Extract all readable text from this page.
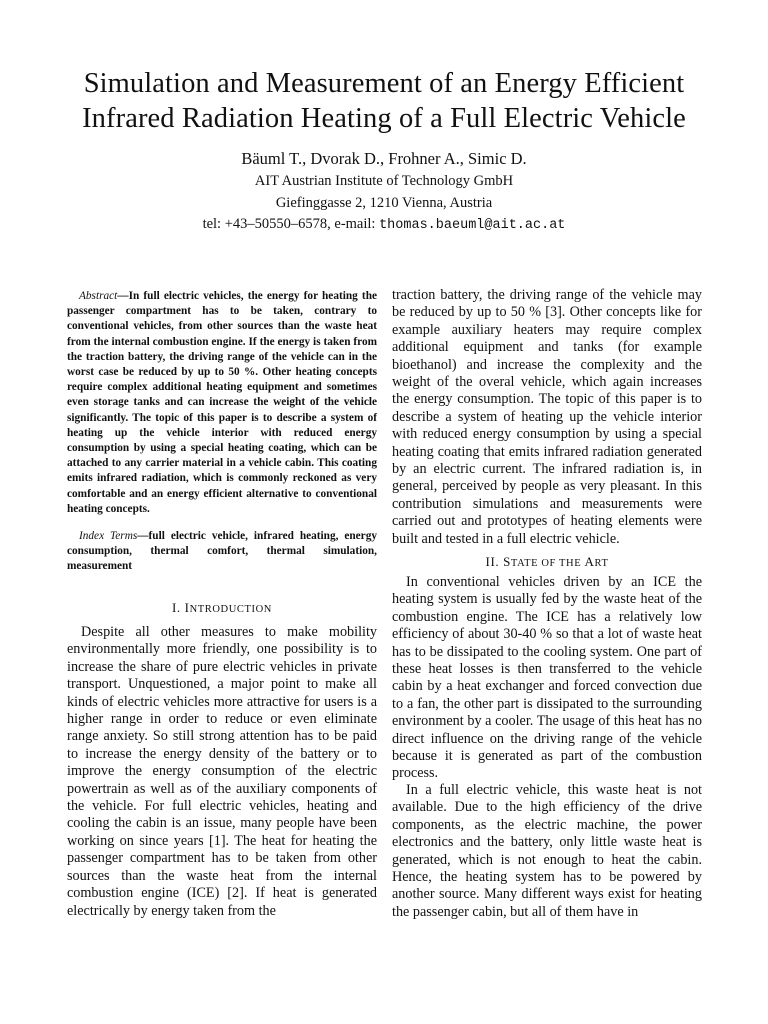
Simulation and Measurement of an Energy Efficient
Infrared Radiation Heating of a Full Electric Vehicle
Bäuml T., Dvorak D., Frohner A., Simic D.
AIT Austrian Institute of Technology GmbH
Giefinggasse 2, 1210 Vienna, Austria
tel: +43–50550–6578, e-mail: thomas.baeuml@ait.ac.at

Abstract—In full electric vehicles, the energy for heating the passenger compartment has to be taken, contrary to conventional vehicles, from other sources than the waste heat from the internal combustion engine. If the energy is taken from the traction battery, the driving range of the vehicle can in the worst case be reduced by up to 50 %. Other heating concepts require complex additional heating equipment and sometimes even storage tanks and can increase the weight of the vehicle significantly. The topic of this paper is to describe a system of heating up the vehicle interior with reduced energy consumption by using a special heating coating, which can be attached to any carrier material in a vehicle cabin. This coating emits infrared radiation, which is commonly reckoned as very comfortable and an energy efficient alternative to conventional heating concepts.

Index Terms—full electric vehicle, infrared heating, energy consumption, thermal comfort, thermal simulation, measurement

I. INTRODUCTION

Despite all other measures to make mobility environmentally more friendly, one possibility is to increase the share of pure electric vehicles in private transport. Unquestioned, a major point to make all kinds of electric vehicles more attractive for users is a higher range in order to reduce or even eliminate range anxiety. So still strong attention has to be paid to increase the energy density of the battery or to improve the energy consumption of the electric powertrain as well as of the auxiliary components of the vehicle. For full electric vehicles, heating and cooling the cabin is an issue, many people have been working on since years [1]. The heat for heating the passenger compartment has to be taken from other sources than the waste heat from the internal combustion engine (ICE) [2]. If heat is generated electrically by energy taken from the

traction battery, the driving range of the vehicle may be reduced by up to 50 % [3]. Other concepts like for example auxiliary heaters may require complex additional equipment and tanks (for example bioethanol) and increase the complexity and the weight of the overal vehicle, which again increases the energy consumption. The topic of this paper is to describe a system of heating up the vehicle interior with reduced energy consumption by using a special heating coating that emits infrared radiation generated by an electric current. The infrared radiation is, in general, perceived by people as very pleasant. In this contribution simulations and measurements were carried out and prototypes of heating elements were built and tested in a full electric vehicle.

II. STATE OF THE ART

In conventional vehicles driven by an ICE the heating system is usually fed by the waste heat of the combustion engine. The ICE has a relatively low efficiency of about 30-40 % so that a lot of waste heat has to be dissipated to the cooling system. One part of these heat losses is then transferred to the vehicle cabin by a heat exchanger and forced convection due to a fan, the other part is dissipated to the surrounding environment by a cooler. The usage of this heat has no direct influence on the driving range of the vehicle because it is generated as part of the combustion process.

In a full electric vehicle, this waste heat is not available. Due to the high efficiency of the drive components, as the electric machine, the power electronics and the battery, only little waste heat is generated, which is not enough to heat the cabin. Hence, the heating system has to be powered by another source. Many different ways exist for heating the passenger cabin, but all of them have in
